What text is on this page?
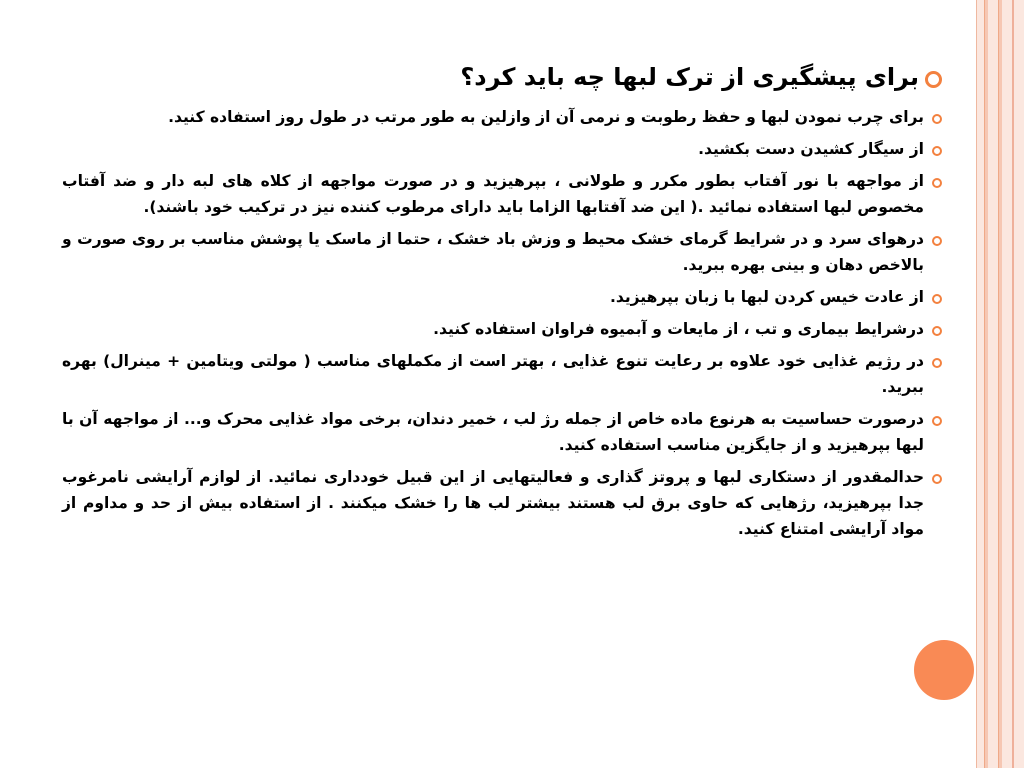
برای پیشگیری از ترک لبها چه باید کرد؟
برای چرب نمودن لبها و حفظ رطوبت و نرمی آن از وازلین به طور مرتب در طول روز استفاده کنید.
از سیگار کشیدن دست بکشید.
از مواجهه با نور آفتاب بطور مکرر و طولانی ، بپرهیزید و در صورت مواجهه از کلاه های لبه دار و ضد آفتاب مخصوص لبها استفاده نمائید .( این ضد آفتابها الزاما باید دارای مرطوب کننده نیز در ترکیب خود باشند).
درهوای سرد و در شرایط گرمای خشک محیط و وزش باد خشک ، حتما از ماسک یا پوشش مناسب بر روی صورت و بالاخص دهان و بینی بهره ببرید.
از عادت خیس کردن لبها با زبان بپرهیزید.
درشرایط بیماری و تب ، از مایعات و آبمیوه فراوان استفاده کنید.
در رژیم غذایی خود علاوه بر رعایت تنوع غذایی ، بهتر است از مکملهای مناسب ( مولتی ویتامین + مینرال) بهره ببرید.
درصورت حساسیت به هرنوع ماده خاص از جمله رژ لب ، خمیر دندان، برخی مواد غذایی محرک و... از مواجهه آن با لبها بپرهیزید و از جایگزین مناسب استفاده کنید.
حدالمقدور از دستکاری لبها و پروتز گذاری و فعالیتهایی از این قبیل خودداری نمائید. از لوازم آرایشی نامرغوب جدا بپرهیزید، رژهایی که حاوی برق لب هستند بیشتر لب ها را خشک میکنند . از استفاده بیش از حد و مداوم از مواد آرایشی امتناع کنید.
